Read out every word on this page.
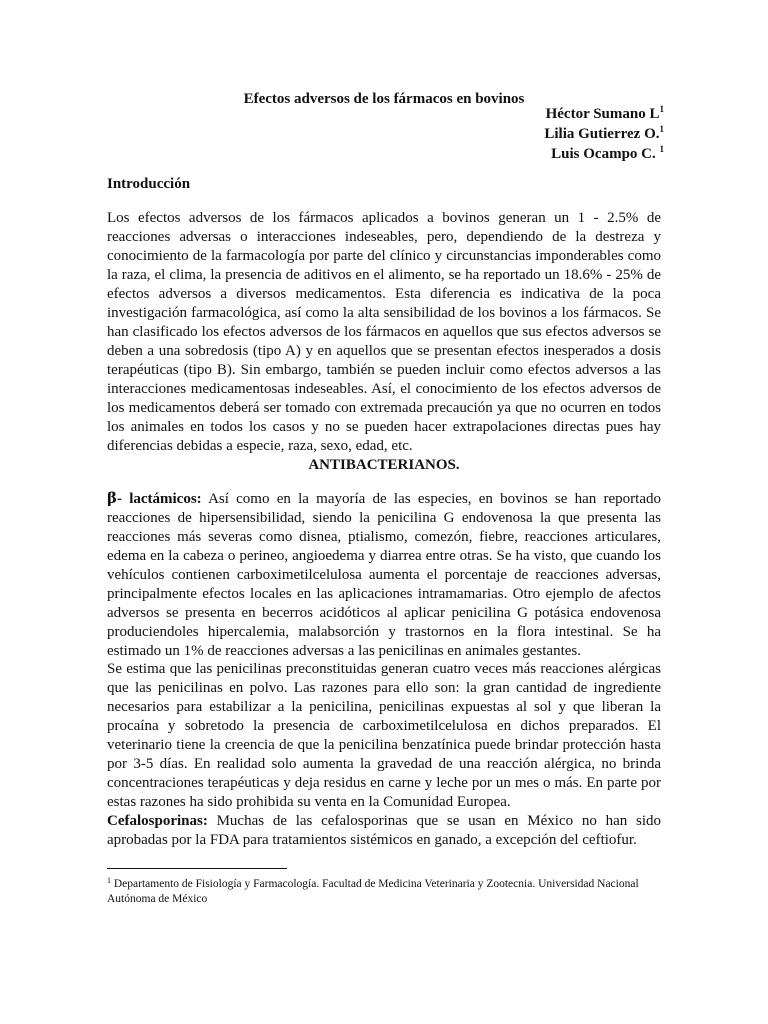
Efectos adversos de los fármacos en bovinos
Héctor Sumano $L^1$
Lilia Gutierrez O.$^1$
Luis Ocampo C. $^1$
Introducción

Los efectos adversos de los fármacos aplicados a bovinos generan un 1 - 2.5% de reacciones adversas o interacciones indeseables, pero, dependiendo de la destreza y conocimiento de la farmacología por parte del clínico y circunstancias imponderables como la raza, el clima, la presencia de aditivos en el alimento, se ha reportado un 18.6% - 25% de efectos adversos a diversos medicamentos. Esta diferencia es indicativa de la poca investigación farmacológica, así como la alta sensibilidad de los bovinos a los fármacos. Se han clasificado los efectos adversos de los fármacos en aquellos que sus efectos adversos se deben a una sobredosis (tipo A) y en aquellos que se presentan efectos inesperados a dosis terapéuticas (tipo B). Sin embargo, también se pueden incluir como efectos adversos a las interacciones medicamentosas indeseables. Así, el conocimiento de los efectos adversos de los medicamentos deberá ser tomado con extremada precaución ya que no ocurren en todos los animales en todos los casos y no se pueden hacer extrapolaciones directas pues hay diferencias debidas a especie, raza, sexo, edad, etc.

ANTIBACTERIANOS.

β- lactámicos: Así como en la mayoría de las especies, en bovinos se han reportado reacciones de hipersensibilidad, siendo la penicilina G endovenosa la que presenta las reacciones más severas como disnea, ptialismo, comezón, fiebre, reacciones articulares, edema en la cabeza o perineo, angioedema y diarrea entre otras. Se ha visto, que cuando los vehículos contienen carboximetilcelulosa aumenta el porcentaje de reacciones adversas, principalmente efectos locales en las aplicaciones intramamarias. Otro ejemplo de afectos adversos se presenta en becerros acidóticos al aplicar penicilina G potásica endovenosa produciendoles hipercalemia, malabsorción y trastornos en la flora intestinal. Se ha estimado un 1% de reacciones adversas a las penicilinas en animales gestantes.

Se estima que las penicilinas preconstituidas generan cuatro veces más reacciones alérgicas que las penicilinas en polvo. Las razones para ello son: la gran cantidad de ingrediente necesarios para estabilizar a la penicilina, penicilinas expuestas al sol y que liberan la procaína y sobretodo la presencia de carboximetilcelulosa en dichos preparados. El veterinario tiene la creencia de que la penicilina benzatínica puede brindar protección hasta por 3-5 días. En realidad solo aumenta la gravedad de una reacción alérgica, no brinda concentraciones terapéuticas y deja residus en carne y leche por un mes o más. En parte por estas razones ha sido prohibida su venta en la Comunidad Europea.

Cefalosporinas: Muchas de las cefalosporinas que se usan en México no han sido aprobadas por la FDA para tratamientos sistémicos en ganado, a excepción del ceftiofur.

$^1$ Departamento de Fisiología y Farmacología. Facultad de Medicina Veterinaria y Zootecnia. Universidad Nacional Autónoma de México
